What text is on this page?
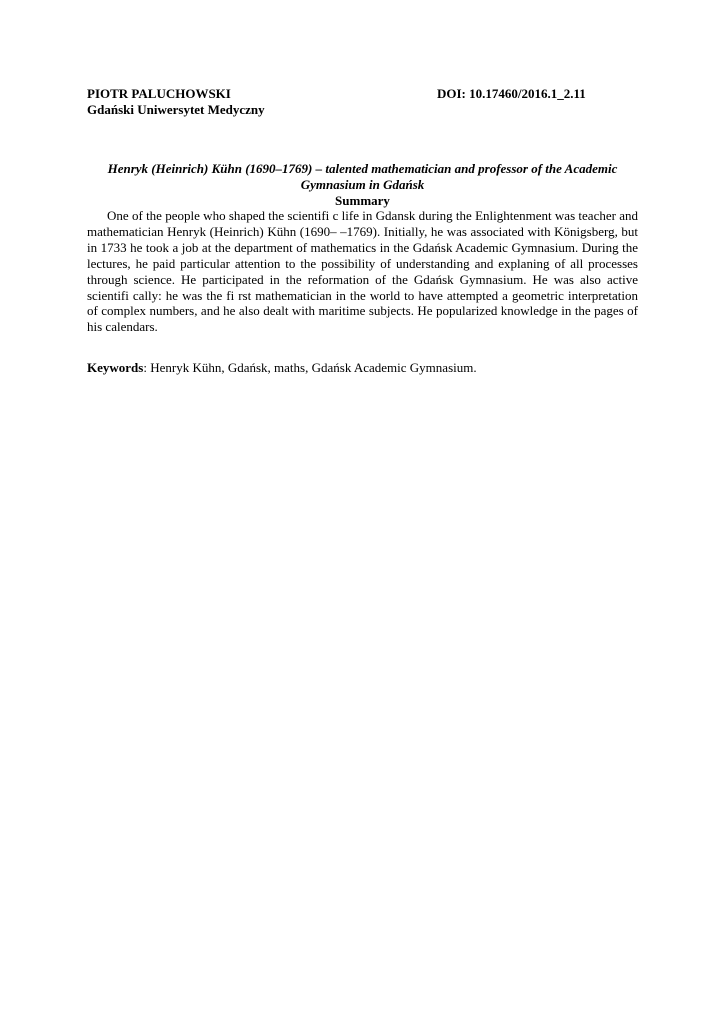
PIOTR PALUCHOWSKI	DOI: 10.17460/2016.1_2.11
Gdański Uniwersytet Medyczny
Henryk (Heinrich) Kühn (1690–1769) – talented mathematician and professor of the Academic Gymnasium in Gdańsk
Summary

One of the people who shaped the scientifi c life in Gdansk during the Enlightenment was teacher and mathematician Henryk (Heinrich) Kühn (1690– –1769). Initially, he was associated with Königsberg, but in 1733 he took a job at the department of mathematics in the Gdańsk Academic Gymnasium. During the lectures, he paid particular attention to the possibility of understanding and explaning of all processes through science. He participated in the reformation of the Gdańsk Gymnasium. He was also active scientifi cally: he was the fi rst mathematician in the world to have attempted a geometric interpretation of complex numbers, and he also dealt with maritime subjects. He popularized knowledge in the pages of his calendars.

Keywords: Henryk Kühn, Gdańsk, maths, Gdańsk Academic Gymnasium.
